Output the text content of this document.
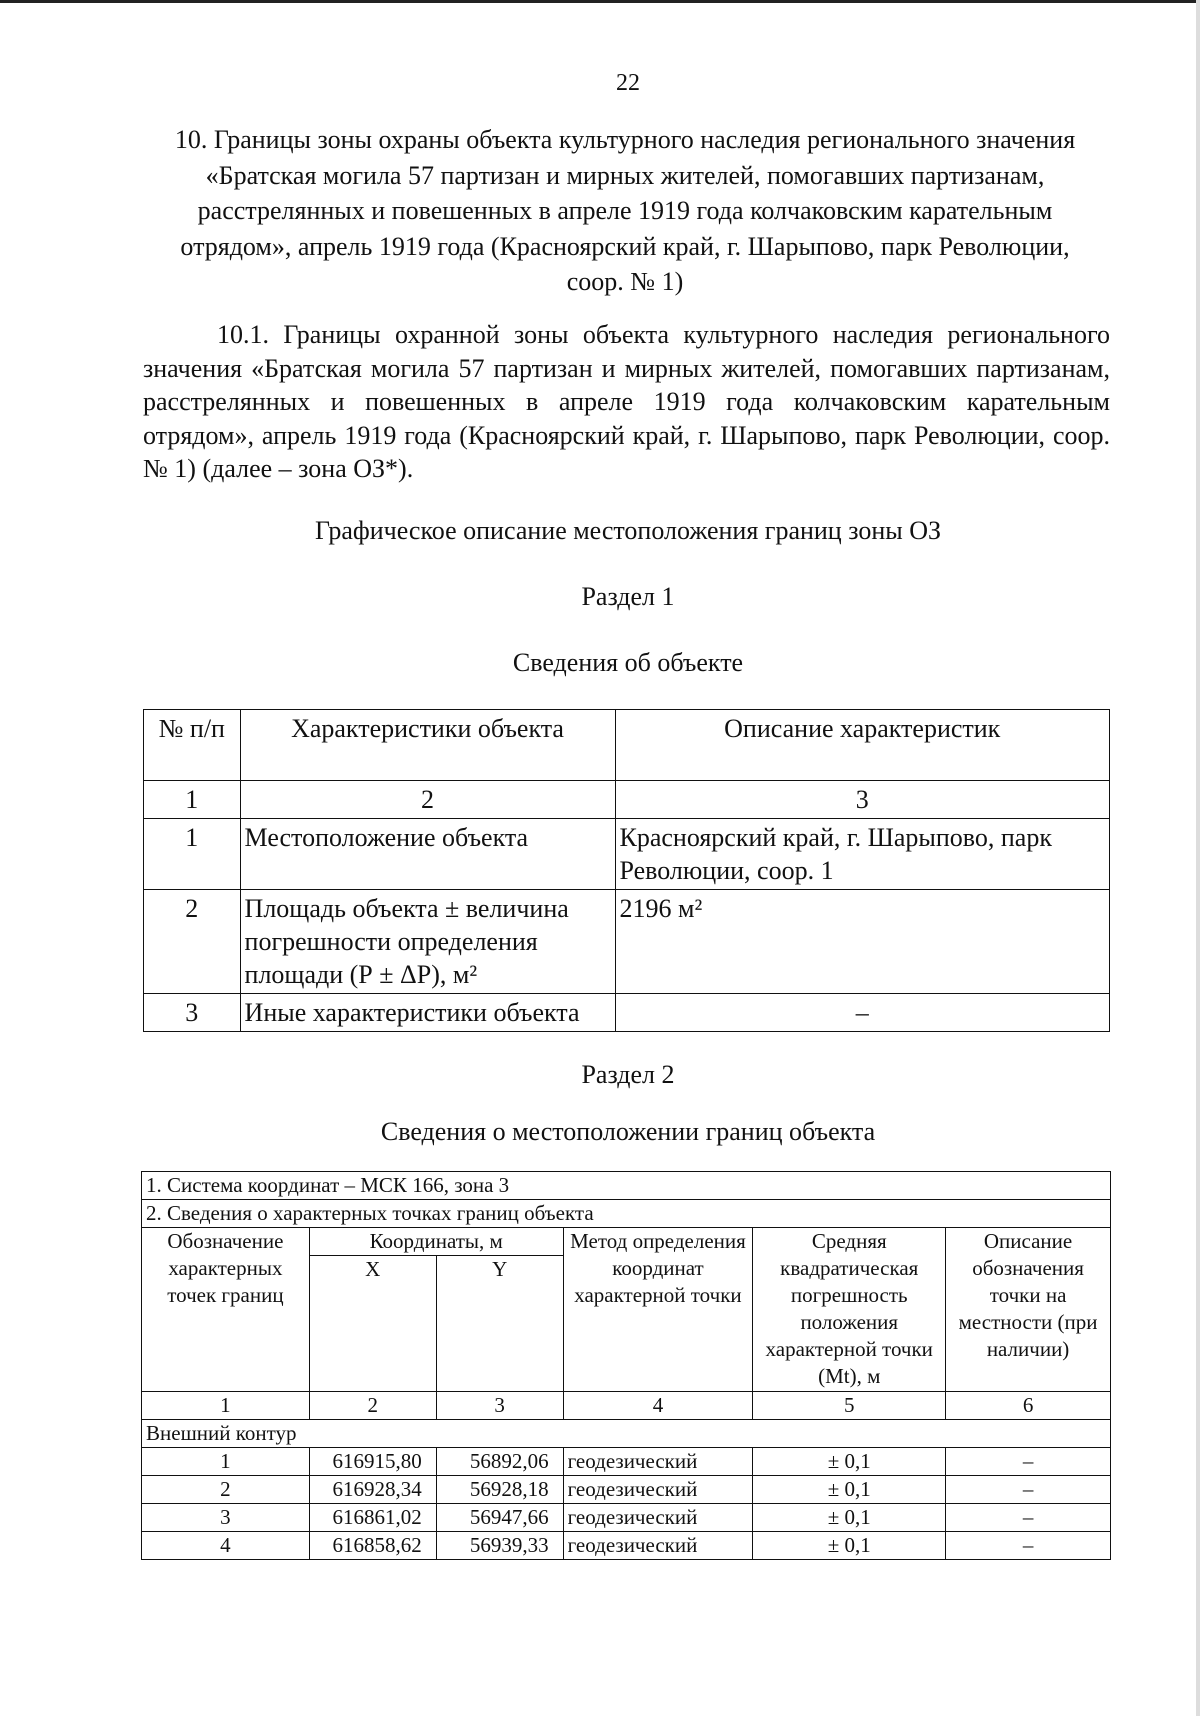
22
10. Границы зоны охраны объекта культурного наследия регионального значения «Братская могила 57 партизан и мирных жителей, помогавших партизанам, расстрелянных и повешенных в апреле 1919 года колчаковским карательным отрядом», апрель 1919 года (Красноярский край, г. Шарыпово, парк Революции, соор. № 1)
10.1. Границы охранной зоны объекта культурного наследия регионального значения «Братская могила 57 партизан и мирных жителей, помогавших партизанам, расстрелянных и повешенных в апреле 1919 года колчаковским карательным отрядом», апрель 1919 года (Красноярский край, г. Шарыпово, парк Революции, соор. № 1) (далее – зона ОЗ*).
Графическое описание местоположения границ зоны ОЗ
Раздел 1
Сведения об объекте
№ п/п	Характеристики объекта	Описание характеристик
1	2	3
1	Местоположение объекта	Красноярский край, г. Шарыпово, парк Революции, соор. 1
2	Площадь объекта ± величина погрешности определения площади (Р ± ΔР), м²	2196 м²
3	Иные характеристики объекта	–
Раздел 2
Сведения о местоположении границ объекта
1. Система координат – МСК 166, зона 3					
2. Сведения о характерных точках границ объекта					
Обозначение характерных точек границ	Координаты, м		Метод определения координат характерной точки	Средняя квадратическая погрешность положения характерной точки (Mt), м	Описание обозначения точки на местности (при наличии)
	X	Y			
1	2	3	4	5	6
Внешний контур					
1	616915,80	56892,06	геодезический	± 0,1	–
2	616928,34	56928,18	геодезический	± 0,1	–
3	616861,02	56947,66	геодезический	± 0,1	–
4	616858,62	56939,33	геодезический	± 0,1	–
